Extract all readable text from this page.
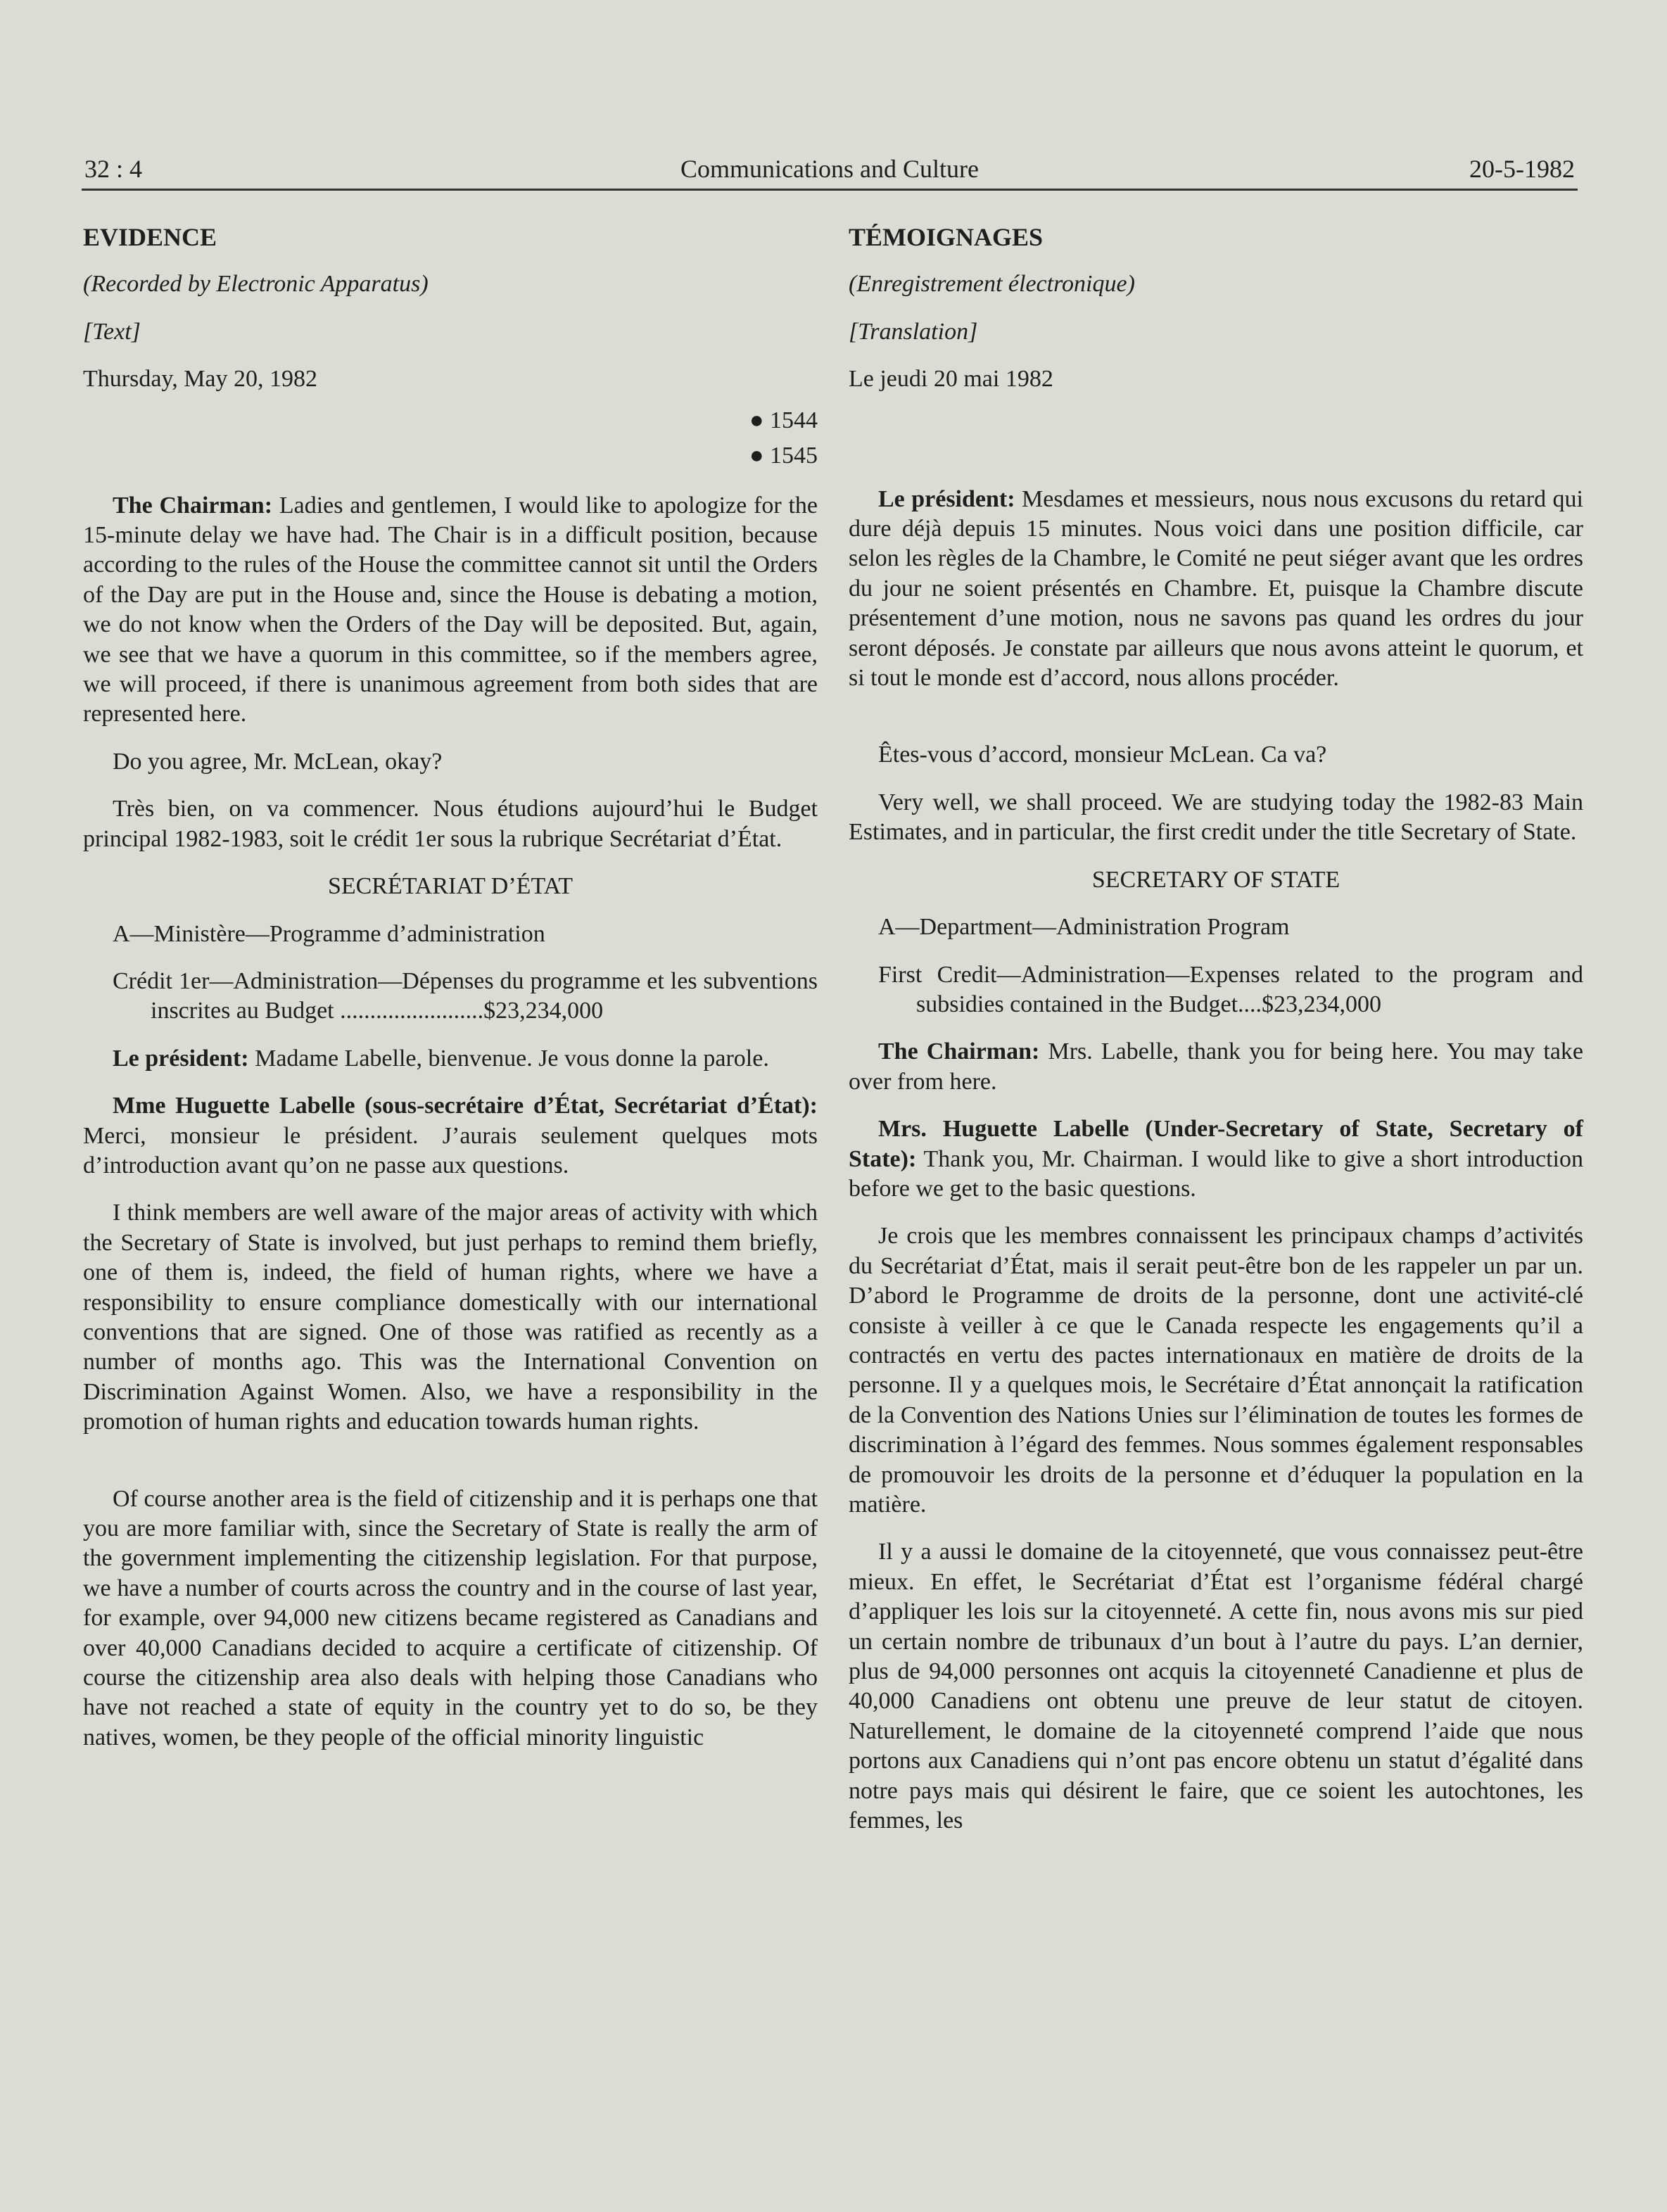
32 : 4	Communications and Culture	20-5-1982

EVIDENCE

(Recorded by Electronic Apparatus)

[Text]

Thursday, May 20, 1982

● 1544
● 1545

The Chairman: Ladies and gentlemen, I would like to apologize for the 15-minute delay we have had. The Chair is in a difficult position, because according to the rules of the House the committee cannot sit until the Orders of the Day are put in the House and, since the House is debating a motion, we do not know when the Orders of the Day will be deposited. But, again, we see that we have a quorum in this committee, so if the members agree, we will proceed, if there is unanimous agreement from both sides that are represented here.

Do you agree, Mr. McLean, okay?

Très bien, on va commencer. Nous étudions aujourd’hui le Budget principal 1982-1983, soit le crédit 1er sous la rubrique Secrétariat d’État.

SECRÉTARIAT D’ÉTAT

A—Ministère—Programme d’administration

Crédit 1er—Administration—Dépenses du programme et les subventions inscrites au Budget ........................$23,234,000

Le président: Madame Labelle, bienvenue. Je vous donne la parole.

Mme Huguette Labelle (sous-secrétaire d’État, Secrétariat d’État): Merci, monsieur le président. J’aurais seulement quelques mots d’introduction avant qu’on ne passe aux questions.

I think members are well aware of the major areas of activity with which the Secretary of State is involved, but just perhaps to remind them briefly, one of them is, indeed, the field of human rights, where we have a responsibility to ensure compliance domestically with our international conventions that are signed. One of those was ratified as recently as a number of months ago. This was the International Convention on Discrimination Against Women. Also, we have a responsibility in the promotion of human rights and education towards human rights.

Of course another area is the field of citizenship and it is perhaps one that you are more familiar with, since the Secretary of State is really the arm of the government implementing the citizenship legislation. For that purpose, we have a number of courts across the country and in the course of last year, for example, over 94,000 new citizens became registered as Canadians and over 40,000 Canadians decided to acquire a certificate of citizenship. Of course the citizenship area also deals with helping those Canadians who have not reached a state of equity in the country yet to do so, be they natives, women, be they people of the official minority linguistic

TÉMOIGNAGES

(Enregistrement électronique)

[Translation]

Le jeudi 20 mai 1982

Le président: Mesdames et messieurs, nous nous excusons du retard qui dure déjà depuis 15 minutes. Nous voici dans une position difficile, car selon les règles de la Chambre, le Comité ne peut siéger avant que les ordres du jour ne soient présentés en Chambre. Et, puisque la Chambre discute présentement d’une motion, nous ne savons pas quand les ordres du jour seront déposés. Je constate par ailleurs que nous avons atteint le quorum, et si tout le monde est d’accord, nous allons procéder.

Êtes-vous d’accord, monsieur McLean. Ca va?

Very well, we shall proceed. We are studying today the 1982-83 Main Estimates, and in particular, the first credit under the title Secretary of State.

SECRETARY OF STATE

A—Department—Administration Program

First Credit—Administration—Expenses related to the program and subsidies contained in the Budget....$23,234,000

The Chairman: Mrs. Labelle, thank you for being here. You may take over from here.

Mrs. Huguette Labelle (Under-Secretary of State, Secretary of State): Thank you, Mr. Chairman. I would like to give a short introduction before we get to the basic questions.

Je crois que les membres connaissent les principaux champs d’activités du Secrétariat d’État, mais il serait peut-être bon de les rappeler un par un. D’abord le Programme de droits de la personne, dont une activité-clé consiste à veiller à ce que le Canada respecte les engagements qu’il a contractés en vertu des pactes internationaux en matière de droits de la personne. Il y a quelques mois, le Secrétaire d’État annonçait la ratification de la Convention des Nations Unies sur l’élimination de toutes les formes de discrimination à l’égard des femmes. Nous sommes également responsables de promouvoir les droits de la personne et d’éduquer la population en la matière.

Il y a aussi le domaine de la citoyenneté, que vous connaissez peut-être mieux. En effet, le Secrétariat d’État est l’organisme fédéral chargé d’appliquer les lois sur la citoyenneté. A cette fin, nous avons mis sur pied un certain nombre de tribunaux d’un bout à l’autre du pays. L’an dernier, plus de 94,000 personnes ont acquis la citoyenneté Canadienne et plus de 40,000 Canadiens ont obtenu une preuve de leur statut de citoyen. Naturellement, le domaine de la citoyenneté comprend l’aide que nous portons aux Canadiens qui n’ont pas encore obtenu un statut d’égalité dans notre pays mais qui désirent le faire, que ce soient les autochtones, les femmes, les
